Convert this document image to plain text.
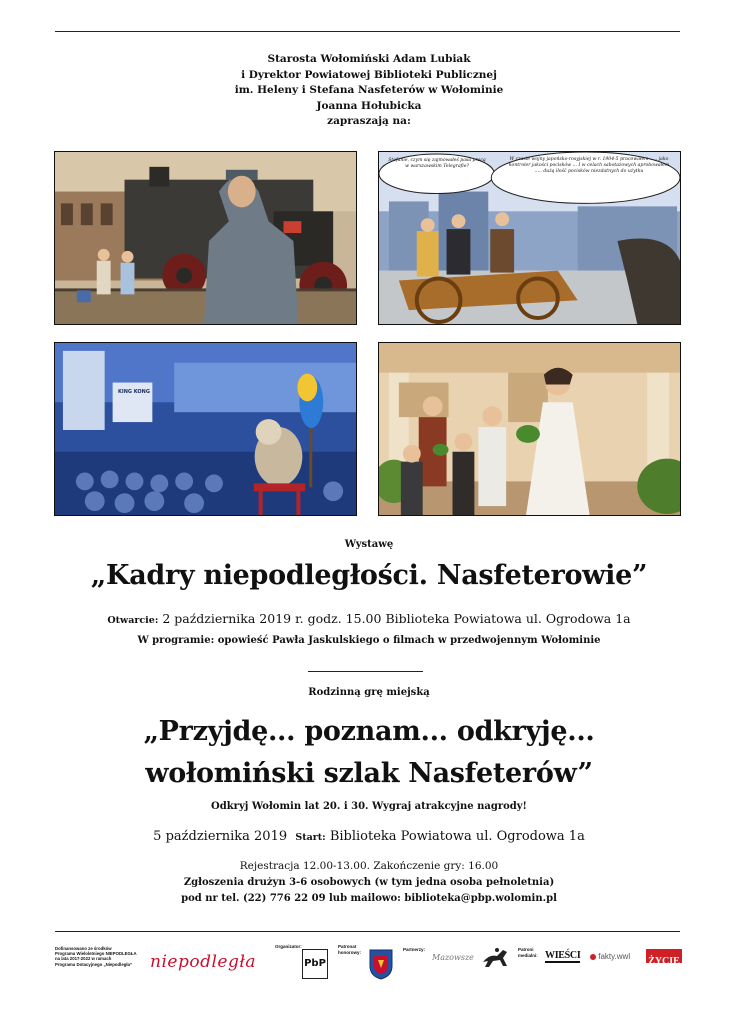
Starosta Wołomiński Adam Lubiak
i Dyrektor Powiatowej Biblioteki Publicznej
im. Heleny i Stefana Nasfeterów w Wołominie
Joanna Hołubicka
zapraszają na:
Stefanie, czym się zajmowałeś pasa pracą w warszawskim Telegrafie?
W czasie wojny japońsko-rosyjskiej w r. 1904-5 pracowałem ..... jako kontroler jakości pocisków ... I w celach sabotażowych aprobowałem ..... dużą ilość pocisków niezdatnych do użytku
KING KONG
Wystawę
„Kadry niepodległości. Nasfeterowie”
Otwarcie: 2 października 2019 r. godz. 15.00 Biblioteka Powiatowa ul. Ogrodowa 1a
W programie: opowieść Pawła Jaskulskiego o filmach w przedwojennym Wołominie
Rodzinną grę miejską
„Przyjdę... poznam... odkryję...
wołomiński szlak Nasfeterów”
Odkryj Wołomin lat 20. i 30. Wygraj atrakcyjne nagrody!
5 października 2019 Start: Biblioteka Powiatowa ul. Ogrodowa 1a
Rejestracja 12.00-13.00. Zakończenie gry: 16.00
Zgłoszenia drużyn 3-6 osobowych (w tym jedna osoba pełnoletnia)
pod nr tel. (22) 776 22 09 lub mailowo: biblioteka@pbp.wolomin.pl
Dofinansowano ze środków
Programu Wieloletniego NIEPODLEGŁA
na lata 2017-2022 w ramach
Programu Dotacyjnego „Niepodległa”	niepodległa
Organizator:
PbP
Patronat
honorowy:	Partnerzy:
Mazowsze
Patroni
medialni: WIEŚCI	fakty.wwl ŻYCIE
